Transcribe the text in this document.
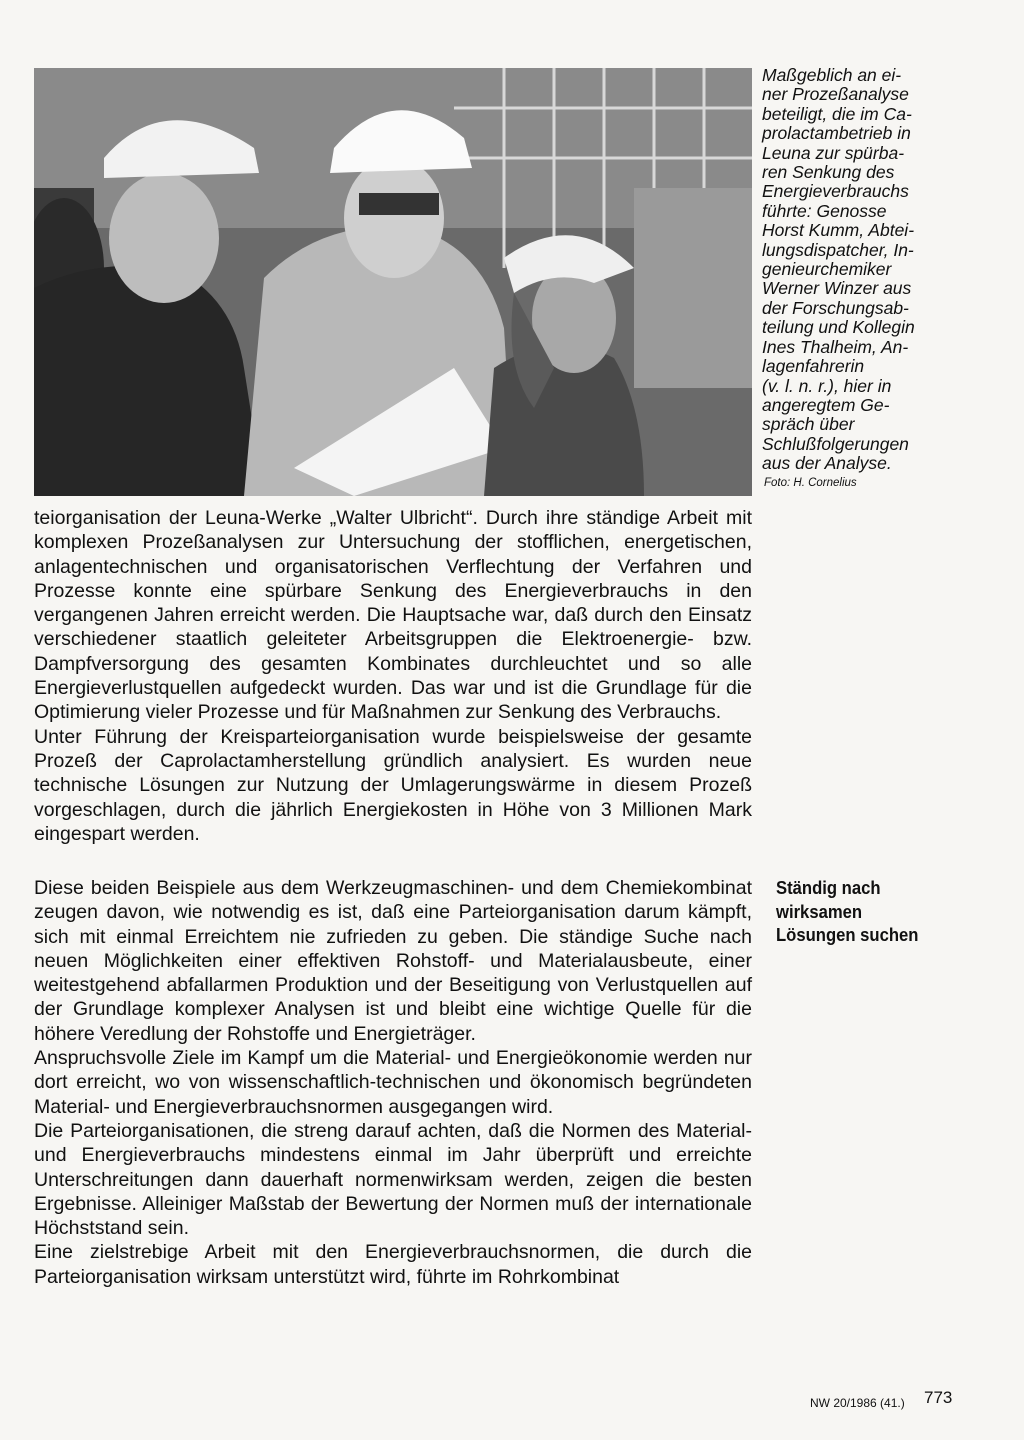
Maßgeblich an ei-
ner Prozeßanalyse
beteiligt, die im Ca-
prolactambetrieb in
Leuna zur spürba-
ren Senkung des
Energieverbrauchs
führte: Genosse
Horst Kumm, Abtei-
lungsdispatcher, In-
genieurchemiker
Werner Winzer aus
der Forschungsab-
teilung und Kollegin
Ines Thalheim, An-
lagenfahrerin
(v. l. n. r.), hier in
angeregtem Ge-
spräch über
Schlußfolgerungen
aus der Analyse.
Foto: H. Cornelius

teiorganisation der Leuna-Werke „Walter Ulbricht“. Durch ihre ständige Arbeit mit komplexen Prozeßanalysen zur Untersuchung der stofflichen, energetischen, anlagentechnischen und organisatorischen Verflechtung der Verfahren und Prozesse konnte eine spürbare Senkung des Energieverbrauchs in den vergangenen Jahren erreicht werden. Die Hauptsache war, daß durch den Einsatz verschiedener staatlich geleiteter Arbeitsgruppen die Elektroenergie- bzw. Dampfversorgung des gesamten Kombinates durchleuchtet und so alle Energieverlustquellen aufgedeckt wurden. Das war und ist die Grundlage für die Optimierung vieler Prozesse und für Maßnahmen zur Senkung des Verbrauchs.

Unter Führung der Kreisparteiorganisation wurde beispielsweise der gesamte Prozeß der Caprolactamherstellung gründlich analysiert. Es wurden neue technische Lösungen zur Nutzung der Umlagerungswärme in diesem Prozeß vorgeschlagen, durch die jährlich Energiekosten in Höhe von 3 Millionen Mark eingespart werden.

Ständig nach
wirksamen
Lösungen suchen

Diese beiden Beispiele aus dem Werkzeugmaschinen- und dem Chemiekombinat zeugen davon, wie notwendig es ist, daß eine Parteiorganisation darum kämpft, sich mit einmal Erreichtem nie zufrieden zu geben. Die ständige Suche nach neuen Möglichkeiten einer effektiven Rohstoff- und Materialausbeute, einer weitestgehend abfallarmen Produktion und der Beseitigung von Verlustquellen auf der Grundlage komplexer Analysen ist und bleibt eine wichtige Quelle für die höhere Veredlung der Rohstoffe und Energieträger.

Anspruchsvolle Ziele im Kampf um die Material- und Energieökonomie werden nur dort erreicht, wo von wissenschaftlich-technischen und ökonomisch begründeten Material- und Energieverbrauchsnormen ausgegangen wird.

Die Parteiorganisationen, die streng darauf achten, daß die Normen des Material- und Energieverbrauchs mindestens einmal im Jahr überprüft und erreichte Unterschreitungen dann dauerhaft normenwirksam werden, zeigen die besten Ergebnisse. Alleiniger Maßstab der Bewertung der Normen muß der internationale Höchststand sein.

Eine zielstrebige Arbeit mit den Energieverbrauchsnormen, die durch die Parteiorganisation wirksam unterstützt wird, führte im Rohrkombinat

NW 20/1986 (41.) 773
